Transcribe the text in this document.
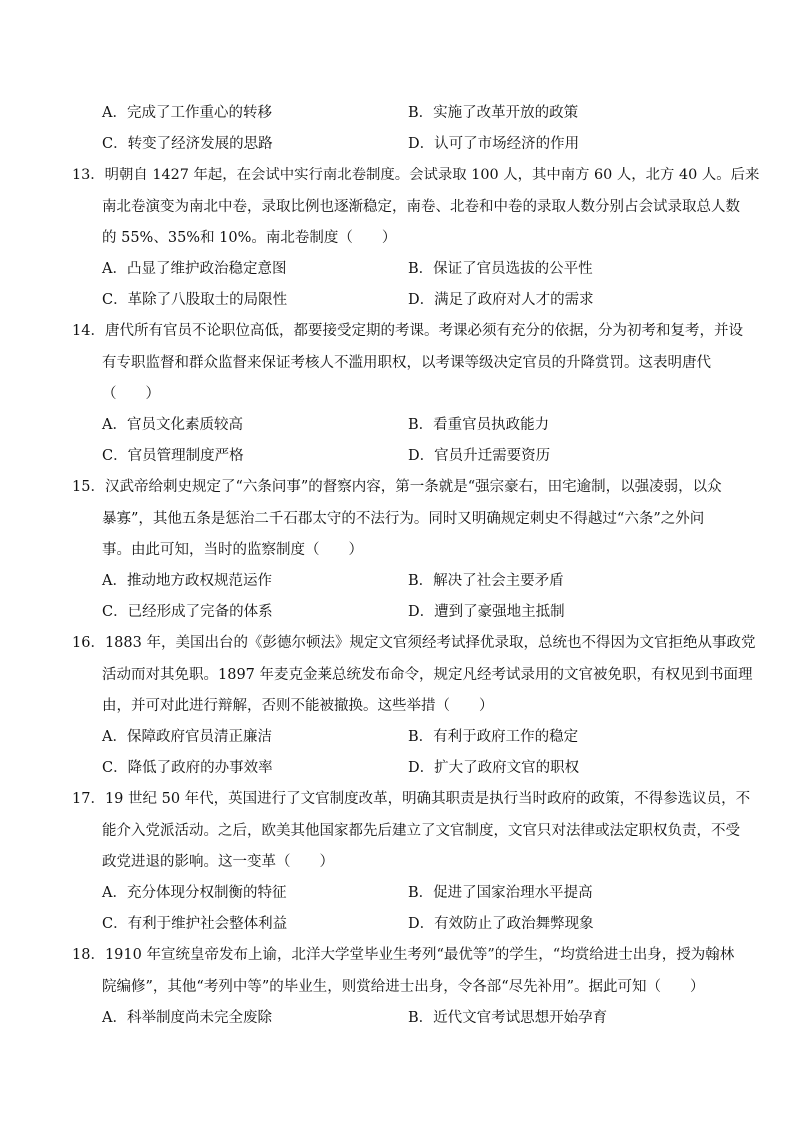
A．完成了工作重心的转移	B．实施了改革开放的政策
C．转变了经济发展的思路	D．认可了市场经济的作用
13．明朝自 1427 年起，在会试中实行南北卷制度。会试录取 100 人，其中南方 60 人，北方 40 人。后来
南北卷演变为南北中卷，录取比例也逐渐稳定，南卷、北卷和中卷的录取人数分别占会试录取总人数
的 55%、35%和 10%。南北卷制度（　　）
A．凸显了维护政治稳定意图	B．保证了官员选拔的公平性
C．革除了八股取士的局限性	D．满足了政府对人才的需求
14．唐代所有官员不论职位高低，都要接受定期的考课。考课必须有充分的依据，分为初考和复考，并设
有专职监督和群众监督来保证考核人不滥用职权，以考课等级决定官员的升降赏罚。这表明唐代
（　　）
A．官员文化素质较高	B．看重官员执政能力
C．官员管理制度严格	D．官员升迁需要资历
15．汉武帝给刺史规定了“六条问事”的督察内容，第一条就是“强宗豪右，田宅逾制，以强凌弱，以众
暴寡”，其他五条是惩治二千石郡太守的不法行为。同时又明确规定刺史不得越过“六条”之外问
事。由此可知，当时的监察制度（　　）
A．推动地方政权规范运作	B．解决了社会主要矛盾
C．已经形成了完备的体系	D．遭到了豪强地主抵制
16．1883 年，美国出台的《彭德尔顿法》规定文官须经考试择优录取，总统也不得因为文官拒绝从事政党
活动而对其免职。1897 年麦克金莱总统发布命令，规定凡经考试录用的文官被免职，有权见到书面理
由，并可对此进行辩解，否则不能被撤换。这些举措（　　）
A．保障政府官员清正廉洁	B．有利于政府工作的稳定
C．降低了政府的办事效率	D．扩大了政府文官的职权
17．19 世纪 50 年代，英国进行了文官制度改革，明确其职责是执行当时政府的政策，不得参选议员，不
能介入党派活动。之后，欧美其他国家都先后建立了文官制度，文官只对法律或法定职权负责，不受
政党进退的影响。这一变革（　　）
A．充分体现分权制衡的特征	B．促进了国家治理水平提高
C．有利于维护社会整体利益	D．有效防止了政治舞弊现象
18．1910 年宣统皇帝发布上谕，北洋大学堂毕业生考列“最优等”的学生，“均赏给进士出身，授为翰林
院编修”，其他“考列中等”的毕业生，则赏给进士出身，令各部“尽先补用”。据此可知（　　）
A．科举制度尚未完全废除	B．近代文官考试思想开始孕育
